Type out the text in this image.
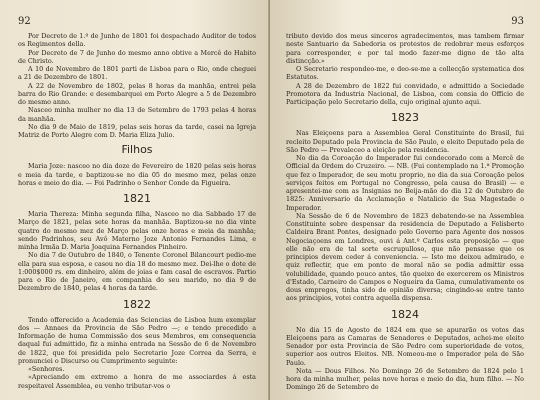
92

Por Decreto de 1.º de Junho de 1801 foi despachado Auditor de todos os Regimentos della.

Por Decreto de 7 de Junho do mesmo anno obtive a Mercê do Habito de Christo.

A 10 de Novembro de 1801 parti de Lisboa para o Rio, onde cheguei a 21 de Dezembro de 1801.

A 22 de Novembro de 1802, pelas 8 horas da manhãa, entrei pela barra do Rio Grande: e desembarquei em Porto Alegre a 5 de Dezembro do mesmo anno.

Nasceo minha mulher no dia 13 de Setembro de 1793 pelas 4 horas da manhãa.

No dia 9 de Maio de 1819, pelas seis horas da tarde, casei na Igreja Matriz de Porto Alegre com D. Maria Eliza Julio.

Filhos

Maria Joze: nasceo no dia doze de Fevereiro de 1820 pelas seis horas e meia da tarde, e baptizou-se no dia 05 do mesmo mez, pelas onze horas e meio do dia. — Foi Padrinho o Senhor Conde da Figueira.

1821

Maria Thereza: Minha segunda filha, Nasceo no dia Sabbado 17 de Março de 1821, pelas sete horas da manhãa. Baptizou-se no dia vinte quatro do mesmo mez de Março pelas onze horas e meia da manhãa; sendo Padrinhos, seu Avô Materno Joze Antonio Fernandes Lima, e minha Irmãa D. Maria Joaquina Fernandes Pinheiro.

No dia 7 de Outubro de 1840, o Tenente Coronel Bilancourt pedio-me ella para sua esposa, e casou no dia 18 do mesmo mez. Dei-lhe o dote de 1:000$000 rs. em dinheiro, além de joias e fam casal de escravos. Partio para o Rio de Janeiro, em companhia do seu marido, no dia 9 de Dezembro de 1840, pelas 4 horas da tarde.

1822

Tendo offerecido a Academia das Sciencias de Lisboa hum exemplar dos — Annaes da Provincia de São Pedro —; e tendo precedido a Informação de huma Commissão dos seus Membros, em consequencia daqual fui admittido, fiz a minha entrada na Sessão de 6 de Novembro de 1822, que foi presidida pelo Secretario Joze Correa da Serra, e pronunciei o Discurso ou Cumprimento seguinte:

«Senhores.

«Apreciando em extremo a honra de me associardes á esta respeitavel Assemblea, eu venho tributar-vos o

93

tributo devido dos meus sinceros agradecimentos, mas tambem firmar neste Santuario da Sabedoria os protestos de redobrar meus esforços para corresponder, e por tal modo fazer-me digno de tão alta distincção.»

O Secretario respondeo-me, e deo-se-me a collecção systematica dos Estatutos.

A 28 de Dezembro de 1822 fui convidado, e admittido a Sociedade Promotora da Industria Nacional, de Lisboa, com consia do Officio de Participação pelo Secretario della, cujo original ajunto aqui.

1823

Nas Eleiçoens para a Assemblea Geral Constituinte do Brasil, fui recleito Deputado pela Provincia de São Paulo, e eleito Deputado pela de São Pedro — Prevaleceo a eleição pela residencia.

No dia da Coroação do Imperador fui condecorado com a Mercê de Official da Ordem do Cruzeiro. — NB. (Fui contemplado na 1.ª Promoção que fez o Imperador, de seu motu proprio, no dia da sua Coroação pelos serviços feitos em Portugal no Congresso, pela causa do Brasil) — e apresentei-me com as Insignias no Beija-mão do dia 12 de Outubro de 1825: Anniversario da Acclamação e Natalicio de Sua Magestade o Imperador.

Na Sessão de 6 de Novembro de 1823 debatendo-se na Assemblea Constituinte sobre despensar da residencia de Deputado a Felisberto Caldeira Brant Pontes, designado pelo Governo para Agente dos nossos Negociaçoens em Londres, ouvi á Ant.º Carlos esta proposição — que elle não era de tal sorte escrupulloso, que não pensasse que os principios devem ceder á conveniencia. — Isto me deixou admirado, e quiz reflectir, que em ponto de moral não se podia admittir essa volubilidade, quando pouco antes, tão queixo de exercerem os Ministros d'Estado, Carneiro de Campos e Nogueira da Gama, cumulativamente os dous empregos, tinha sido de opinião diversa; cingindo-se entre tanto aos principios, votei contra aquella dispensa.

1824

No dia 15 de Agosto de 1824 em que se apurarão os votos das Eleiçoens para as Camaras de Senadores e Deputados, achei-me eleito Senador por esta Provincia de São Pedro com superioridade de votos, superior aos outros Eleitos. NB. Nomeou-me o Imperador pela de São Paulo.

Nota — Dous Filhos. No Domingo 26 de Setembro de 1824 pelo 1 hora da minha mulher, pelas nove horas e meio do dia, hum filho. — No Domingo 26 de Setembro de
